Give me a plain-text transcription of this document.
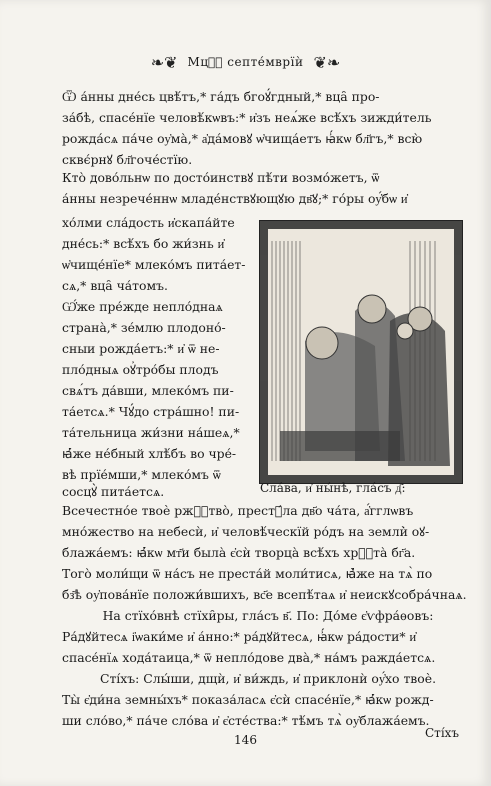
❧❦ Мцⷭ҇ септе́мврїѝ ❦❧
Ѿ а́нны дне́сь цвѣ́тъ,* га́дъ бгоꙋ́гдный,* вца̑ про-
за́бѣ, спасе́нїе человѣ́кѡвъ:* и҆зъ неѧ́же всѣ́хъ зижди́тель
рожда́сѧ па́че оу҆ма̀,* а҆да́мовꙋ ѡ҆чища́етъ ꙗ҆́кѡ бл҃гъ,* всю̀
сквє́рнꙋ бл҃гоче́стїю.
Кто̀ дово́льнѡ по досто́инствꙋ пѣ́ти возмо́жетъ, ѿ
а́нны незрече́ннѡ младе́нствꙋющꙋю дв҃ꙋ;* го́ры оу҆́бѡ и҆
хо́лми сла́дость и҆скапа́йте
дне́сь:* всѣ́хъ бо жи́знь и҆
ѡ҆чище́нїе* млеко́мъ пита́ет-
сѧ,* вца̑ ча́томъ.
Ѡ҆́же пре́жде непло́днаѧ
страна̀,* зе́млю плодоно́-
сныи рожда́етъ:* и҆ ѿ не-
пло́дныѧ оꙋ҆тро́бы плодъ
свѧ́тъ да́вши, млеко́мъ пи-
та́етсѧ.* Чꙋ́до стра́шно! пи-
та́тельница жи́зни на́шеѧ,*
ꙗ҆́же не́бный хлѣ́бъ во чре́-
вѣ прїе́мши,* млеко́мъ ѿ
сосцꙋ̀ пита́етсѧ.	Сла́ва, и҆ ны́нѣ, гла́съ д҃:
Всечестно́е твоѐ ржⷭ҇тво̀, престꙋ́ла дв҃о ча́та, а҆́гглѡвъ
мно́жество на небесѝ, и҆ человѣ́ческїй ро́дъ на земли̇̀ оꙋ-
блажа́емъ: ꙗ҆́кѡ мт҃и была̀ є҆сѝ творца̀ всѣ́хъ хрⷭ҇та̀ бг҃а.
Того̀ моли́щи ѿ на́съ не преста́й моли́тисѧ, ꙗ҆̀же на тѧ̀ по
бз҃ѣ оу҆пова́нїе положи́вшихъ, вс҃е всепѣ́таѧ и҆ неискꙋсобра́чнаѧ.
На стїхо́внѣ стїхи̑ры, гла́съ в҃. По: До́ме є҆ѵфра́ѳовъ:
Ра́дꙋйтесѧ і҆ѡаки́ме и҆ а́нно:* ра́дꙋйтесѧ, ꙗ҆́кѡ ра́дости* и҆
спасе́нїѧ хода́таица,* ѿ непло́дове два̀,* на́мъ ражда́етсѧ.
Сті́хъ: Слы́ши, дщѝ, и҆ ви́ждь, и҆ приклонѝ оу҆́хо твоѐ.
Ты̀ є҆ди́на земны́хъ* показа́ласѧ є҆сѝ спасе́нїе,* ꙗ҆́кѡ рожд-
ши сло́во,* па́че сло́ва и҆ є҆сте́ства:* тѣ́мъ тѧ̀ оу҆блажа́емъ.
146	Сті́хъ
